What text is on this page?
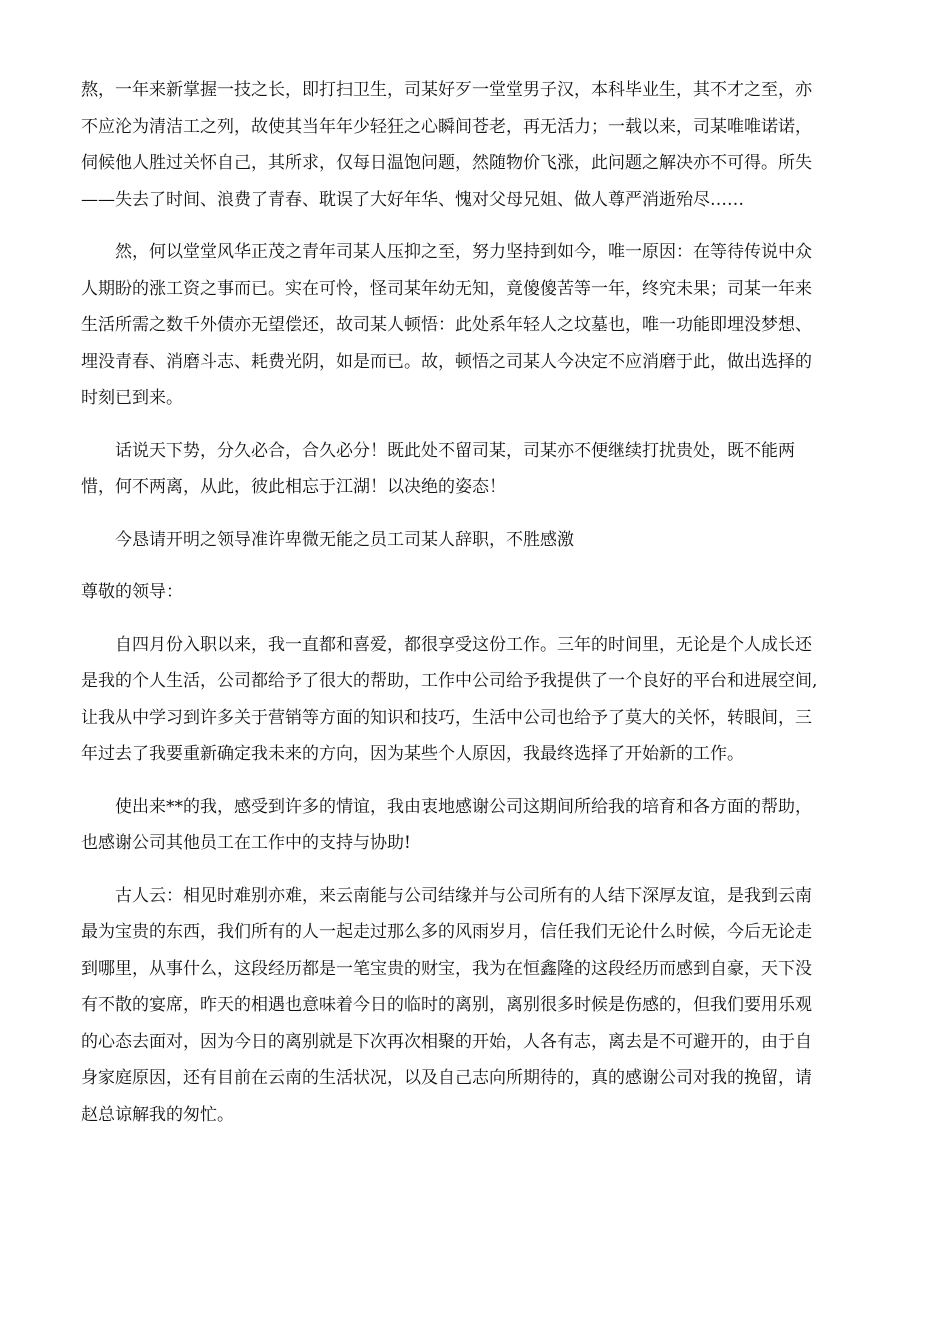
熬，一年来新掌握一技之长，即打扫卫生，司某好歹一堂堂男子汉，本科毕业生，其不才之至，亦
不应沦为清洁工之列，故使其当年年少轻狂之心瞬间苍老，再无活力；一载以来，司某唯唯诺诺，
伺候他人胜过关怀自己，其所求，仅每日温饱问题，然随物价飞涨，此问题之解决亦不可得。所失
——失去了时间、浪费了青春、耽误了大好年华、愧对父母兄姐、做人尊严消逝殆尽……
然，何以堂堂风华正茂之青年司某人压抑之至，努力坚持到如今，唯一原因：在等待传说中众
人期盼的涨工资之事而已。实在可怜，怪司某年幼无知，竟傻傻苦等一年，终究未果；司某一年来
生活所需之数千外债亦无望偿还，故司某人顿悟：此处系年轻人之坟墓也，唯一功能即埋没梦想、
埋没青春、消磨斗志、耗费光阴，如是而已。故，顿悟之司某人今决定不应消磨于此，做出选择的
时刻已到来。
话说天下势，分久必合，合久必分！既此处不留司某，司某亦不便继续打扰贵处，既不能两
惜，何不两离，从此，彼此相忘于江湖！以决绝的姿态！
今恳请开明之领导准许卑微无能之员工司某人辞职，不胜感激
尊敬的领导：
自四月份入职以来，我一直都和喜爱，都很享受这份工作。三年的时间里，无论是个人成长还
是我的个人生活，公司都给予了很大的帮助，工作中公司给予我提供了一个良好的平台和进展空间,
让我从中学习到许多关于营销等方面的知识和技巧，生活中公司也给予了莫大的关怀，转眼间，三
年过去了我要重新确定我未来的方向，因为某些个人原因，我最终选择了开始新的工作。
使出来**的我，感受到许多的情谊，我由衷地感谢公司这期间所给我的培育和各方面的帮助，
也感谢公司其他员工在工作中的支持与协助!
古人云：相见时难别亦难，来云南能与公司结缘并与公司所有的人结下深厚友谊，是我到云南
最为宝贵的东西，我们所有的人一起走过那么多的风雨岁月，信任我们无论什么时候，今后无论走
到哪里，从事什么，这段经历都是一笔宝贵的财宝，我为在恒鑫隆的这段经历而感到自豪，天下没
有不散的宴席，昨天的相遇也意味着今日的临时的离别，离别很多时候是伤感的，但我们要用乐观
的心态去面对，因为今日的离别就是下次再次相聚的开始，人各有志，离去是不可避开的，由于自
身家庭原因，还有目前在云南的生活状况，以及自己志向所期待的，真的感谢公司对我的挽留，请
赵总谅解我的匆忙。
